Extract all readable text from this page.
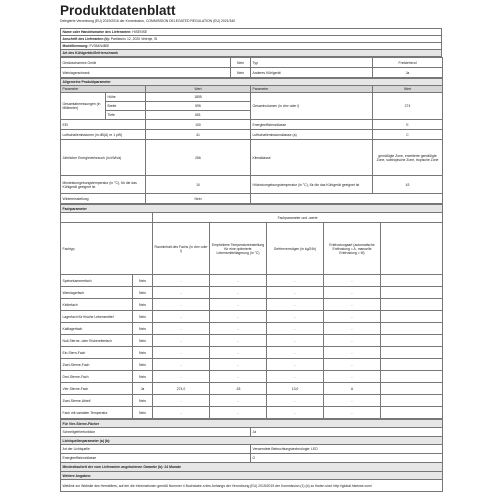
Produktdatenblatt
Delegierte Verordnung (EU) 2019/2016 der Kommission, COMMISSION DELEGATED REGULATION (EU) 2021/340
Name oder Handelsmarke des Lieferanten: HISENSE
Anschrift des Lieferanten (b): Partitaviro 12, 2020 Velenje, SI
Modellkennung: FV354N4BIE
Art des Kühlgeräts/Gefrierschrank
Geräuscharmes Gerät	Nein	Typ	Freistehend
Weinlagerschrank	Nein	Anderes Kühlgerät	Ja
Allgemeine Produktparameter				
Parameter		Wert	Parameter	Wert
Gesamtabmessungen (in Millimeter)	Höhe	1855	Gesamtvolumen (in dm³ oder l)	274
	Breite	595		
	Tiefe	651		
EEI		100	Energieeffizienzklasse	E
Luftschallemissionen (in dB(A) re 1 pW)		41	Luftschallemissionsklasse (a)	C
Jährlicher Energieverbrauch (in kWh/a)		266	Klimaklasse	gemäßigte Zone, erweiterte gemäßigte Zone, subtropische Zone, tropische Zone
Mindestumgebungstemperatur (in °C), für die das Kühlgerät geeignet ist		10	Höchstumgebungstemperatur (in °C), für die das Kühlgerät geeignet ist	43
Wintereinstellung		Nein		
Fachparameter						
		Fachparameter und -werte				
Fachtyp		Rauminhalt des Fachs (in dm³ oder l)	Empfohlene Temperatureinstellung für eine optimierte Lebensmittellagerung (in °C)	Gefriervermögen (in kg/24h)	Entfrostungsart (automatische Entfrostung = A, manuelle Entfrostung = M)	
Speisekammerfach	Nein	-	-	-	-	
Weinlagerfach	Nein	-	-	-	-	
Kellerfach	Nein	-	-	-	-	
Lagerfach für frische Lebensmittel	Nein	-	-	-	-	
Kaltlagerfach	Nein	-	-	-	-	
Null-Sterne- oder Eisbereiterfach	Nein	-	-	-	-	
Ein-Stern-Fach	Nein	-	-	-	-	
Zwei-Sterne-Fach	Nein	-	-	-	-	
Drei-Sterne-Fach	Nein	-	-	-	-	
Vier-Sterne-Fach	Ja	274,0	-18	13,0	A	
Zwei-Sterne-Abteil	Nein	-	-	-	-	
Fach mit variabler Temperatur	Nein	-	-	-	-	
Für Vier-Sterne-Fächer	
Schnellgefrierfunktion	Ja
Lichtquellenparameter (a) (b):	
Art der Lichtquelle	Verwendete Beleuchtungstechnologie: LED
Energieeffizienzklasse	G
Mindestlaufzeit der vom Lieferanten angebotenen Garantie (b): 24 Monate	
Weitere Angaben:	
Weblink zur Website des Herstellers, auf der die Informationen gemäß Nummer 4 Buchstabe a des Anhangs der Verordnung (EU) 2019/2019 der Kommission (1) (b) zu finden sind: http://global.hisense.com/	
